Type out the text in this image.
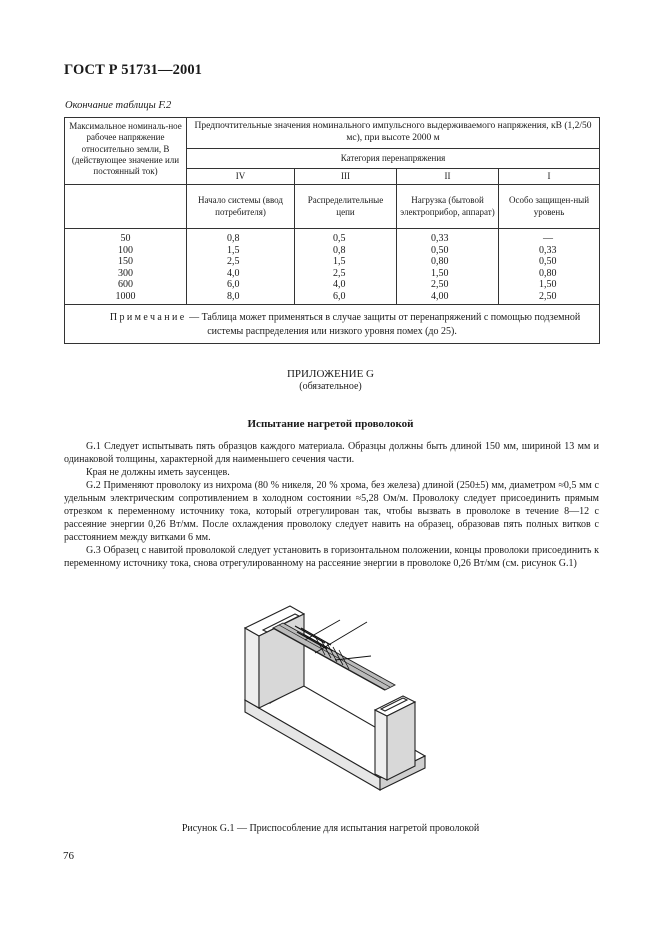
ГОСТ Р 51731—2001
Окончание таблицы F.2
Максимальное номиналь-ное рабочее напряжение относительно земли, В (действующее значение или постоянный ток)	Предпочтительные значения номинального импульсного выдерживаемого напряжения, кВ (1,2/50 мс), при высоте 2000 м			
	Категория перенапряжения			
	IV	III	II	I
	Начало системы (ввод потребителя)	Распределительные цепи	Нагрузка (бытовой электроприбор, аппарат)	Особо защищен-ный уровень
50	0,8	0,5	0,33	—
100	1,5	0,8	0,50	0,33
150	2,5	1,5	0,80	0,50
300	4,0	2,5	1,50	0,80
600	6,0	4,0	2,50	1,50
1000	8,0	6,0	4,00	2,50
Примечание — Таблица может применяться в случае защиты от перенапряжений с помощью подземной системы распределения или низкого уровня помех (до 25).				
ПРИЛОЖЕНИЕ G
(обязательное)
Испытание нагретой проволокой

G.1 Следует испытывать пять образцов каждого материала. Образцы должны быть длиной 150 мм, шириной 13 мм и одинаковой толщины, характерной для наименьшего сечения части.

Края не должны иметь заусенцев.

G.2 Применяют проволоку из нихрома (80 % никеля, 20 % хрома, без железа) длиной (250±5) мм, диаметром ≈0,5 мм с удельным электрическим сопротивлением в холодном состоянии ≈5,28 Ом/м. Проволоку следует присоединить прямым отрезком к переменному источнику тока, который отрегулирован так, чтобы вызвать в проволоке в течение 8—12 с рассеяние энергии 0,26 Вт/мм. После охлаждения проволоку следует навить на образец, образовав пять полных витков с расстоянием между витками 6 мм.

G.3 Образец с навитой проволокой следует установить в горизонтальном положении, концы проволоки присоединить к переменному источнику тока, снова отрегулированному на рассеяние энергии в проволоке 0,26 Вт/мм (см. рисунок G.1)

Рисунок G.1 — Приспособление для испытания нагретой проволокой
76
